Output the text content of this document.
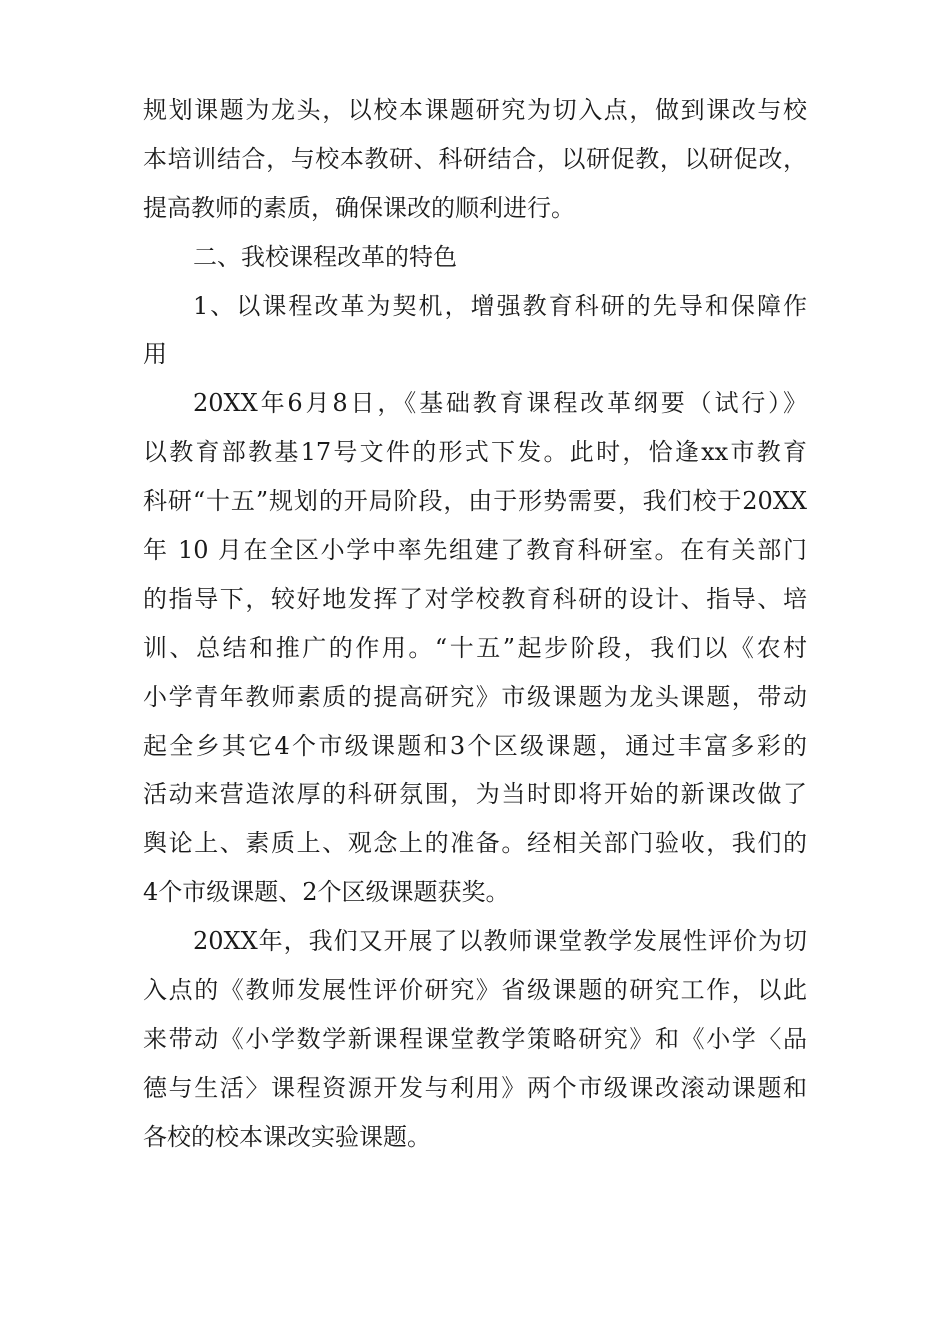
规划课题为龙头，以校本课题研究为切入点，做到课改与校
本培训结合，与校本教研、科研结合，以研促教，以研促改，
提高教师的素质，确保课改的顺利进行。
二、我校课程改革的特色
1、以课程改革为契机，增强教育科研的先导和保障作
用
20XX年6月8日，《基础教育课程改革纲要（试行）》
以教育部教基17号文件的形式下发。此时，恰逢xx市教育
科研“十五”规划的开局阶段，由于形势需要，我们校于20XX
年 10 月在全区小学中率先组建了教育科研室。在有关部门
的指导下，较好地发挥了对学校教育科研的设计、指导、培
训、总结和推广的作用。“十五”起步阶段，我们以《农村
小学青年教师素质的提高研究》市级课题为龙头课题，带动
起全乡其它4个市级课题和3个区级课题，通过丰富多彩的
活动来营造浓厚的科研氛围，为当时即将开始的新课改做了
舆论上、素质上、观念上的准备。经相关部门验收，我们的
4个市级课题、2个区级课题获奖。
20XX年，我们又开展了以教师课堂教学发展性评价为切
入点的《教师发展性评价研究》省级课题的研究工作，以此
来带动《小学数学新课程课堂教学策略研究》和《小学〈品
德与生活〉课程资源开发与利用》两个市级课改滚动课题和
各校的校本课改实验课题。
